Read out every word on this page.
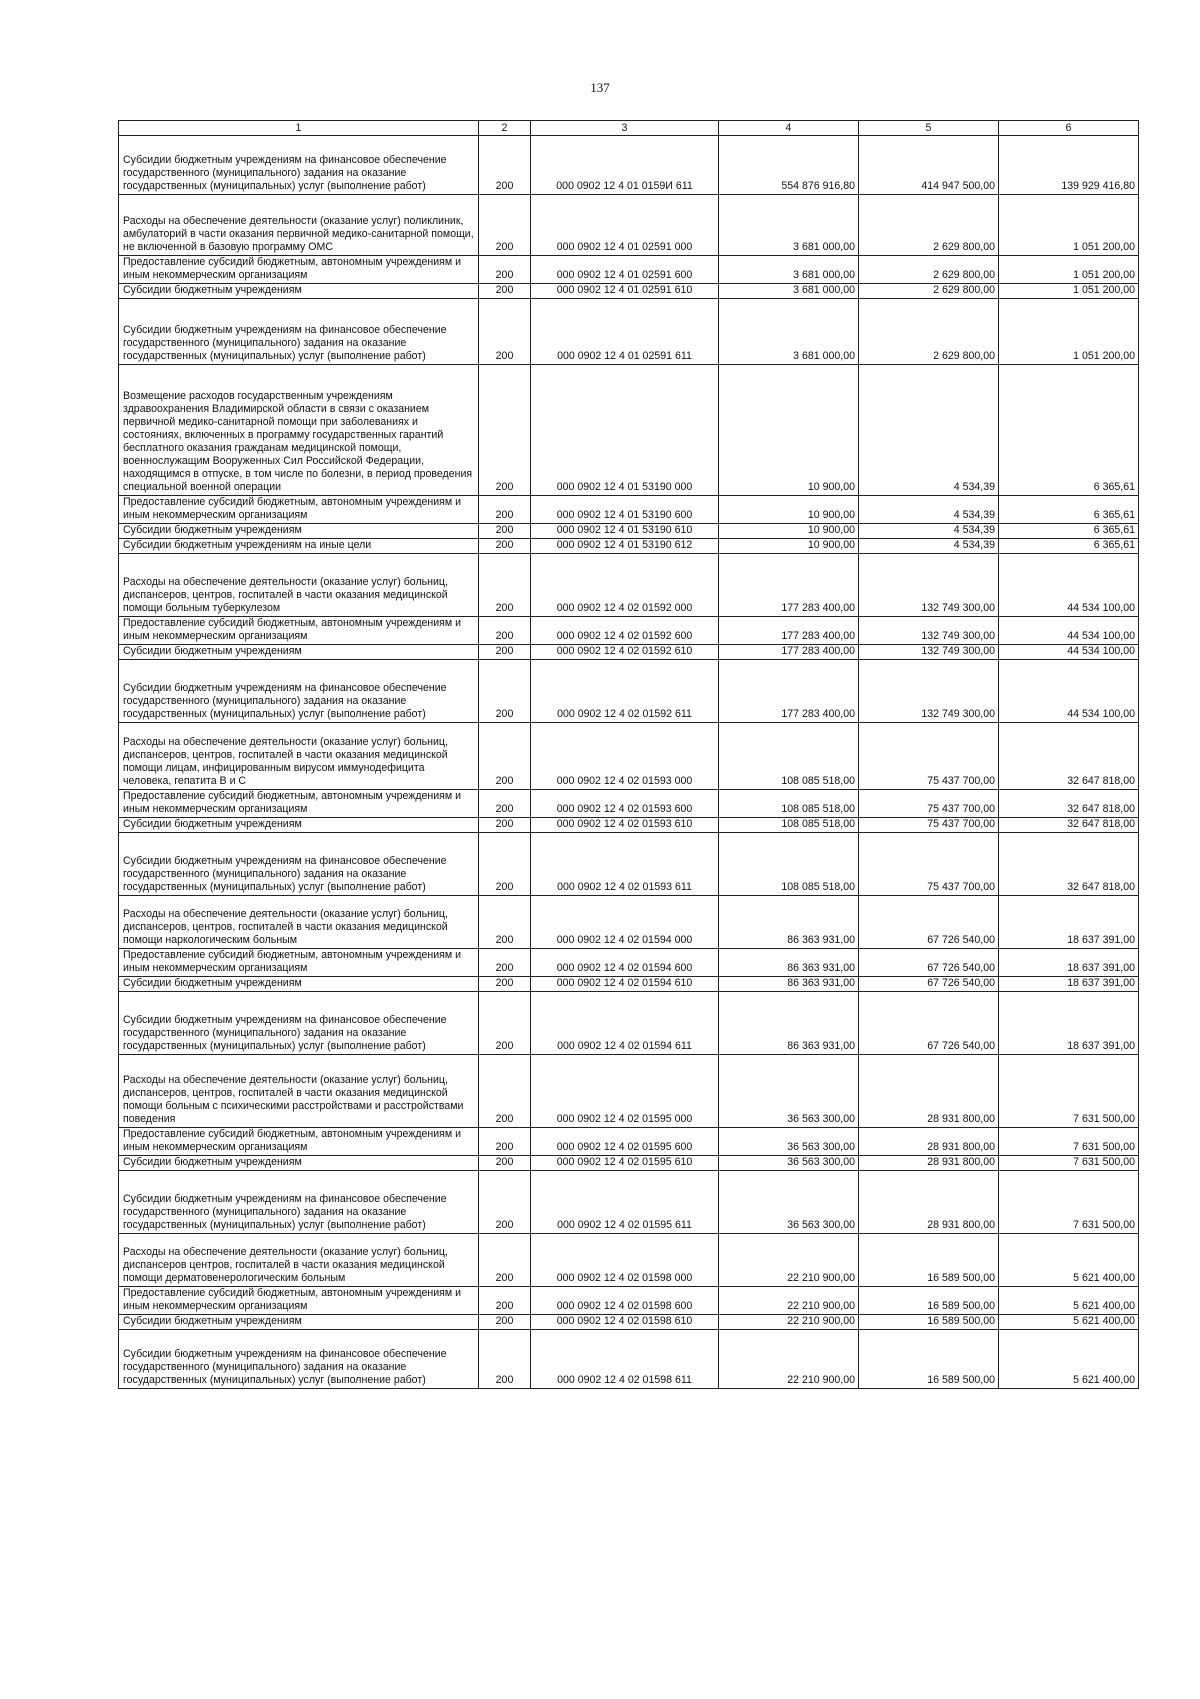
137
1	2	3	4	5	6
Субсидии бюджетным учреждениям на финансовое обеспечение государственного (муниципального) задания на оказание государственных (муниципальных) услуг (выполнение работ)	200	000 0902 12 4 01 0159И 611	554 876 916,80	414 947 500,00	139 929 416,80
Расходы на обеспечение деятельности (оказание услуг) поликлиник, амбулаторий в части оказания первичной медико-санитарной помощи, не включенной в базовую программу ОМС	200	000 0902 12 4 01 02591 000	3 681 000,00	2 629 800,00	1 051 200,00
Предоставление субсидий бюджетным, автономным учреждениям и иным некоммерческим организациям	200	000 0902 12 4 01 02591 600	3 681 000,00	2 629 800,00	1 051 200,00
Субсидии бюджетным учреждениям	200	000 0902 12 4 01 02591 610	3 681 000,00	2 629 800,00	1 051 200,00
Субсидии бюджетным учреждениям на финансовое обеспечение государственного (муниципального) задания на оказание государственных (муниципальных) услуг (выполнение работ)	200	000 0902 12 4 01 02591 611	3 681 000,00	2 629 800,00	1 051 200,00
Возмещение расходов государственным учреждениям здравоохранения Владимирской области в связи с оказанием первичной медико-санитарной помощи при заболеваниях и состояниях, включенных в программу государственных гарантий бесплатного оказания гражданам медицинской помощи, военнослужащим Вооруженных Сил Российской Федерации, находящимся в отпуске, в том числе по болезни, в период проведения специальной военной операции	200	000 0902 12 4 01 53190 000	10 900,00	4 534,39	6 365,61
Предоставление субсидий бюджетным, автономным учреждениям и иным некоммерческим организациям	200	000 0902 12 4 01 53190 600	10 900,00	4 534,39	6 365,61
Субсидии бюджетным учреждениям	200	000 0902 12 4 01 53190 610	10 900,00	4 534,39	6 365,61
Субсидии бюджетным учреждениям на иные цели	200	000 0902 12 4 01 53190 612	10 900,00	4 534,39	6 365,61
Расходы на обеспечение деятельности (оказание услуг) больниц, диспансеров, центров, госпиталей в части оказания медицинской помощи больным туберкулезом	200	000 0902 12 4 02 01592 000	177 283 400,00	132 749 300,00	44 534 100,00
Предоставление субсидий бюджетным, автономным учреждениям и иным некоммерческим организациям	200	000 0902 12 4 02 01592 600	177 283 400,00	132 749 300,00	44 534 100,00
Субсидии бюджетным учреждениям	200	000 0902 12 4 02 01592 610	177 283 400,00	132 749 300,00	44 534 100,00
Субсидии бюджетным учреждениям на финансовое обеспечение государственного (муниципального) задания на оказание государственных (муниципальных) услуг (выполнение работ)	200	000 0902 12 4 02 01592 611	177 283 400,00	132 749 300,00	44 534 100,00
Расходы на обеспечение деятельности (оказание услуг) больниц, диспансеров, центров, госпиталей в части оказания медицинской помощи лицам, инфицированным вирусом иммунодефицита человека, гепатита В и С	200	000 0902 12 4 02 01593 000	108 085 518,00	75 437 700,00	32 647 818,00
Предоставление субсидий бюджетным, автономным учреждениям и иным некоммерческим организациям	200	000 0902 12 4 02 01593 600	108 085 518,00	75 437 700,00	32 647 818,00
Субсидии бюджетным учреждениям	200	000 0902 12 4 02 01593 610	108 085 518,00	75 437 700,00	32 647 818,00
Субсидии бюджетным учреждениям на финансовое обеспечение государственного (муниципального) задания на оказание государственных (муниципальных) услуг (выполнение работ)	200	000 0902 12 4 02 01593 611	108 085 518,00	75 437 700,00	32 647 818,00
Расходы на обеспечение деятельности (оказание услуг) больниц, диспансеров, центров, госпиталей в части оказания медицинской помощи наркологическим больным	200	000 0902 12 4 02 01594 000	86 363 931,00	67 726 540,00	18 637 391,00
Предоставление субсидий бюджетным, автономным учреждениям и иным некоммерческим организациям	200	000 0902 12 4 02 01594 600	86 363 931,00	67 726 540,00	18 637 391,00
Субсидии бюджетным учреждениям	200	000 0902 12 4 02 01594 610	86 363 931,00	67 726 540,00	18 637 391,00
Субсидии бюджетным учреждениям на финансовое обеспечение государственного (муниципального) задания на оказание государственных (муниципальных) услуг (выполнение работ)	200	000 0902 12 4 02 01594 611	86 363 931,00	67 726 540,00	18 637 391,00
Расходы на обеспечение деятельности (оказание услуг) больниц, диспансеров, центров, госпиталей в части оказания медицинской помощи больным с психическими расстройствами и расстройствами поведения	200	000 0902 12 4 02 01595 000	36 563 300,00	28 931 800,00	7 631 500,00
Предоставление субсидий бюджетным, автономным учреждениям и иным некоммерческим организациям	200	000 0902 12 4 02 01595 600	36 563 300,00	28 931 800,00	7 631 500,00
Субсидии бюджетным учреждениям	200	000 0902 12 4 02 01595 610	36 563 300,00	28 931 800,00	7 631 500,00
Субсидии бюджетным учреждениям на финансовое обеспечение государственного (муниципального) задания на оказание государственных (муниципальных) услуг (выполнение работ)	200	000 0902 12 4 02 01595 611	36 563 300,00	28 931 800,00	7 631 500,00
Расходы на обеспечение деятельности (оказание услуг) больниц, диспансеров центров, госпиталей в части оказания медицинской помощи дерматовенерологическим больным	200	000 0902 12 4 02 01598 000	22 210 900,00	16 589 500,00	5 621 400,00
Предоставление субсидий бюджетным, автономным учреждениям и иным некоммерческим организациям	200	000 0902 12 4 02 01598 600	22 210 900,00	16 589 500,00	5 621 400,00
Субсидии бюджетным учреждениям	200	000 0902 12 4 02 01598 610	22 210 900,00	16 589 500,00	5 621 400,00
Субсидии бюджетным учреждениям на финансовое обеспечение государственного (муниципального) задания на оказание государственных (муниципальных) услуг (выполнение работ)	200	000 0902 12 4 02 01598 611	22 210 900,00	16 589 500,00	5 621 400,00
